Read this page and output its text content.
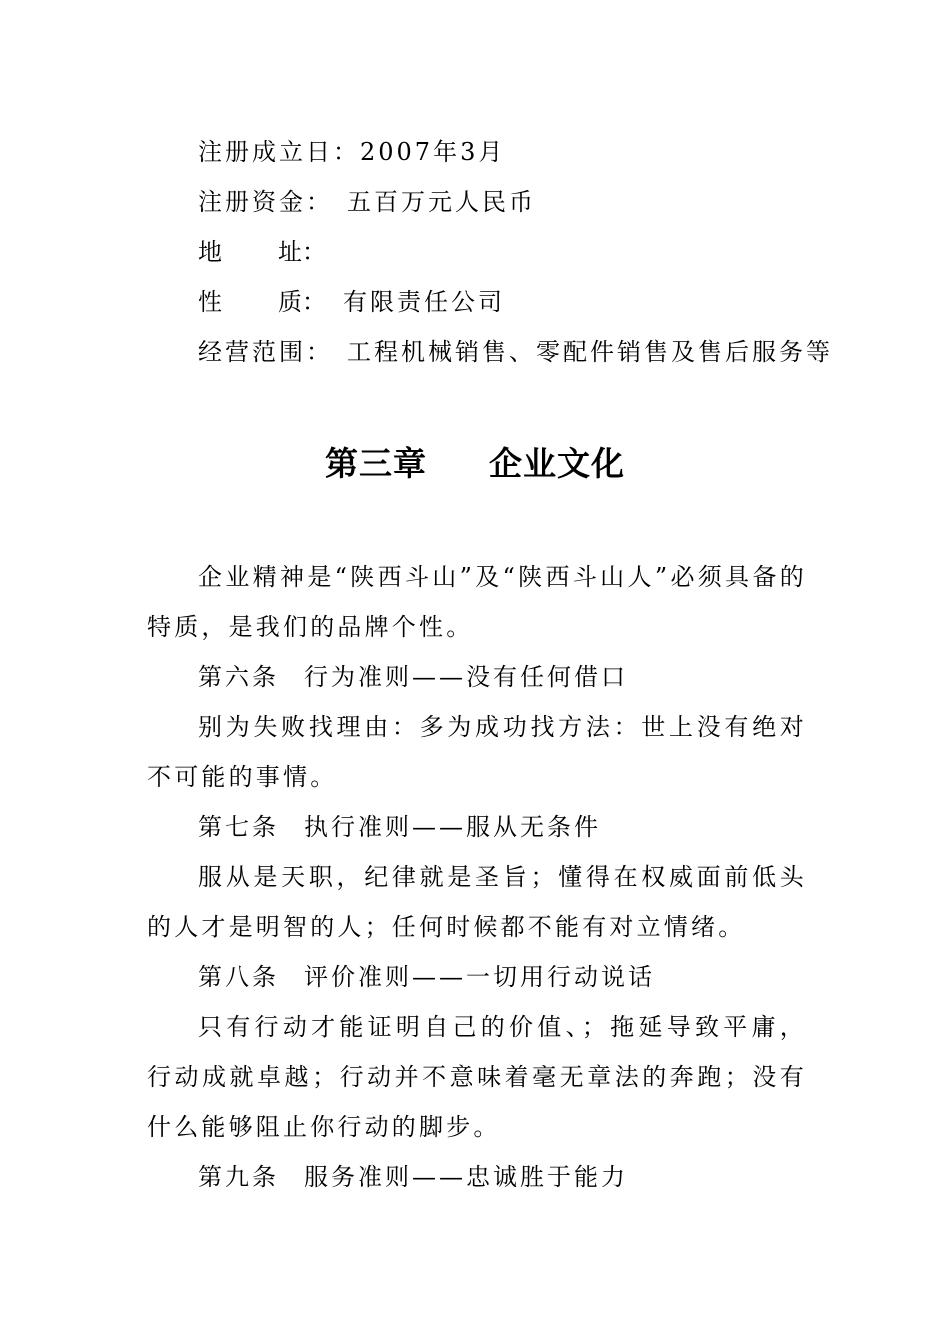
注册成立日：2007年3月
注册资金： 五百万元人民币
地　址：
性　质： 有限责任公司
经营范围： 工程机械销售、零配件销售及售后服务等
第三章 企业文化

企业精神是“陕西斗山”及“陕西斗山人”必须具备的特质，是我们的品牌个性。

第六条 行为准则——没有任何借口

别为失败找理由：多为成功找方法：世上没有绝对不可能的事情。

第七条 执行准则——服从无条件

服从是天职，纪律就是圣旨；懂得在权威面前低头的人才是明智的人；任何时候都不能有对立情绪。

第八条 评价准则——一切用行动说话

只有行动才能证明自己的价值、；拖延导致平庸，行动成就卓越；行动并不意味着毫无章法的奔跑；没有什么能够阻止你行动的脚步。

第九条 服务准则——忠诚胜于能力
